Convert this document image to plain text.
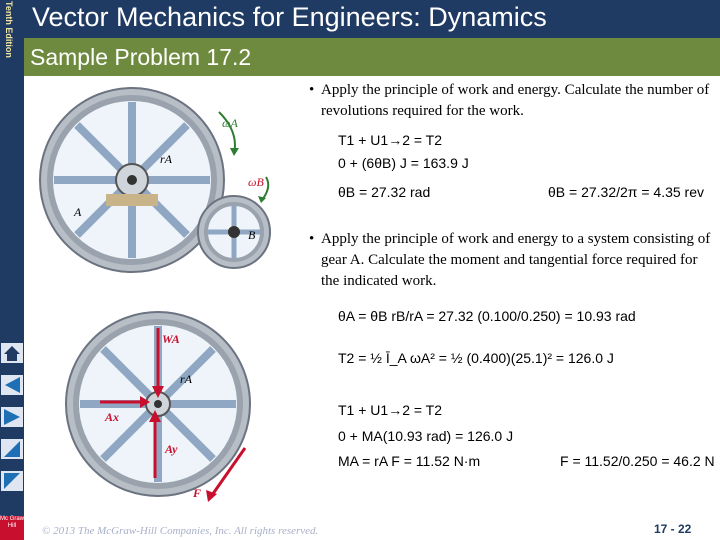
Tenth Edition Vector Mechanics for Engineers: Dynamics
Sample Problem 17.2
Mc Graw Hill
ωA
ωB
rA
A
B
WA
rA
Ax
Ay
F
• Apply the principle of work and energy. Calculate the number of revolutions required for the work.
• Apply the principle of work and energy to a system consisting of gear A. Calculate the moment and tangential force required for the indicated work.
T1 + U1→2 = T2
0 + (6θB) J = 163.9 J
θB = 27.32 rad	θB = 27.32/2π = 4.35 rev
θA = θB rB/rA = 27.32 (0.100/0.250) = 10.93 rad
T2 = ½ Ī_A ωA² = ½ (0.400)(25.1)² = 126.0 J
T1 + U1→2 = T2
0 + MA(10.93 rad) = 126.0 J
MA = rA F = 11.52 N·m	F = 11.52/0.250 = 46.2 N
© 2013 The McGraw-Hill Companies, Inc. All rights reserved.	17 - 22
